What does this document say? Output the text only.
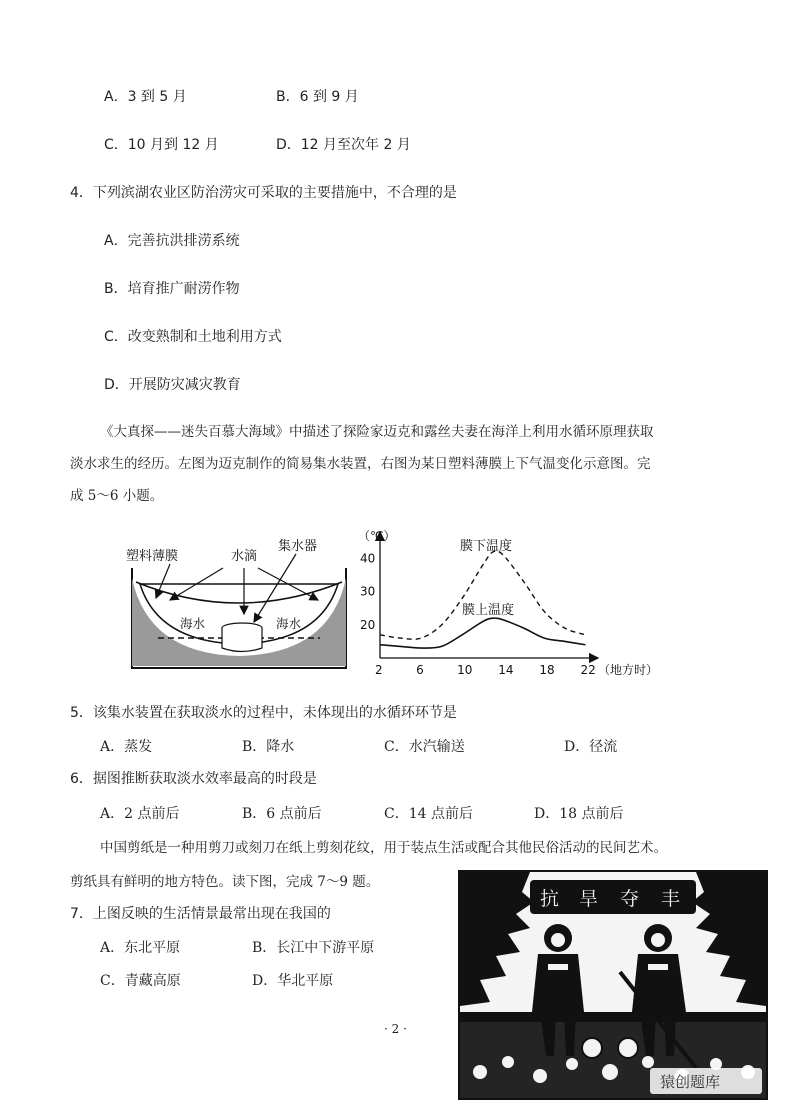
A．3 到 5 月	B．6 到 9 月
C．10 月到 12 月	D．12 月至次年 2 月
4．下列滨湖农业区防治涝灾可采取的主要措施中，不合理的是
A．完善抗洪排涝系统
B．培育推广耐涝作物
C．改变熟制和土地利用方式
D．开展防灾减灾教育
《大真探——迷失百慕大海域》中描述了探险家迈克和露丝夫妻在海洋上利用水循环原理获取
淡水求生的经历。左图为迈克制作的简易集水装置，右图为某日塑料薄膜上下气温变化示意图。完
成 5～6 小题。
塑料薄膜	水滴
集水器
海水	海水
（℃）
（地方时）
2	6	10 14 18 22
20
30
40
膜下温度
膜上温度
5．该集水装置在获取淡水的过程中，未体现出的水循环环节是
A．蒸发	B．降水	C．水汽输送	D．径流
6．据图推断获取淡水效率最高的时段是
A．2 点前后	B．6 点前后	C．14 点前后	D．18 点前后
中国剪纸是一种用剪刀或刻刀在纸上剪刻花纹，用于装点生活或配合其他民俗活动的民间艺术。
剪纸具有鲜明的地方特色。读下图，完成 7～9 题。
7．上图反映的生活情景最常出现在我国的
A．东北平原	B．长江中下游平原
C．青藏高原	D．华北平原
· 2 ·
抗 旱 夺 丰
猿创题库
